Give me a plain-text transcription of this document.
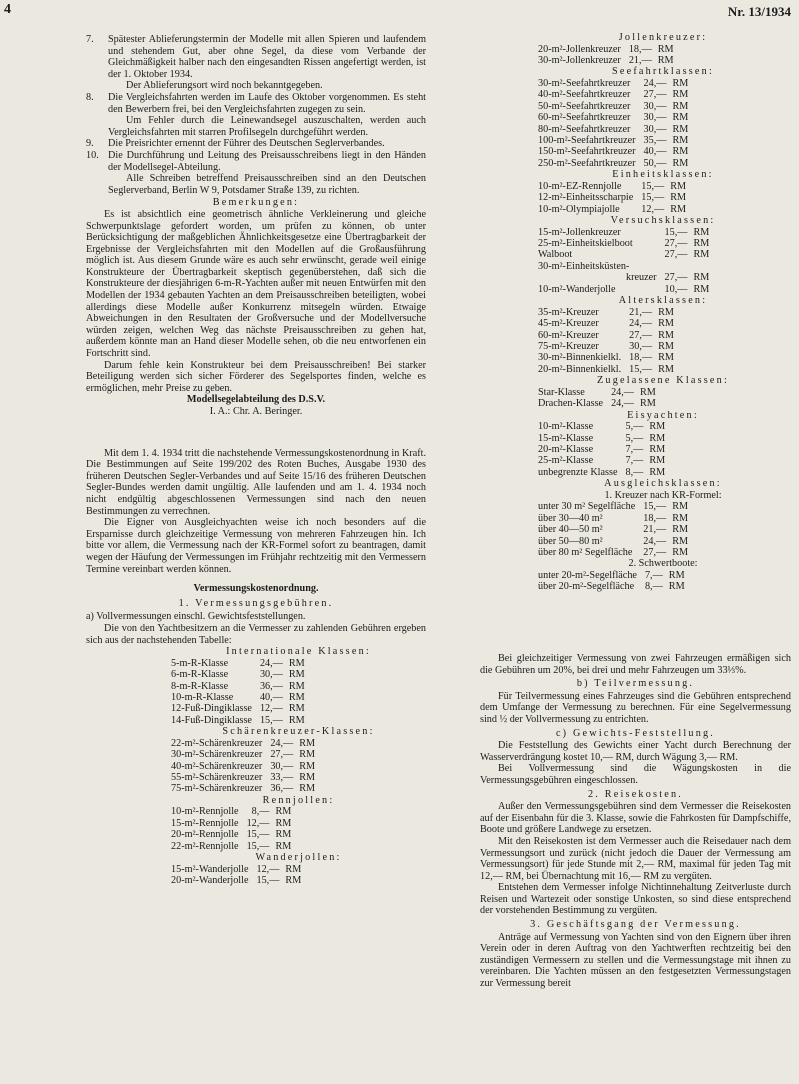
4	Nr. 13/1934
7.	Spätester Ablieferungstermin der Modelle mit allen Spieren und laufendem und stehendem Gut, aber ohne Segel, da diese vom Verbande der Gleichmäßigkeit halber nach den eingesandten Rissen angefertigt werden, ist der 1. Oktober 1934.
Der Ablieferungsort wird noch bekanntgegeben.
8.	Die Vergleichsfahrten werden im Laufe des Oktober vorgenommen. Es steht den Bewerbern frei, bei den Vergleichsfahrten zugegen zu sein.
Um Fehler durch die Leinewandsegel auszuschalten, werden auch Vergleichsfahrten mit starren Profilsegeln durchgeführt werden.
9.	Die Preisrichter ernennt der Führer des Deutschen Seglerverbandes.
10. Die Durchführung und Leitung des Preisausschreibens liegt in den Händen der Modellsegel-Abteilung.
Alle Schreiben betreffend Preisausschreiben sind an den Deutschen Seglerverband, Berlin W 9, Potsdamer Straße 139, zu richten.
Bemerkungen:

Es ist absichtlich eine geometrisch ähnliche Verkleinerung und gleiche Schwerpunktslage gefordert worden, um prüfen zu können, ob unter Berücksichtigung der maßgeblichen Ähnlichkeitsgesetze eine Übertragbarkeit der Ergebnisse der Vergleichsfahrten mit den Modellen auf die Großausführung möglich ist. Aus diesem Grunde wäre es auch sehr erwünscht, gerade weil einige Konstrukteure der Übertragbarkeit skeptisch gegenüberstehen, daß sich die Konstrukteure der diesjährigen 6-m-R-Yachten außer mit neuen Entwürfen mit den Modellen der 1934 gebauten Yachten an dem Preisausschreiben beteiligten, wobei allerdings diese Modelle außer Konkurrenz mitsegeln würden. Etwaige Abweichungen in den Resultaten der Großversuche und der Modellversuche würden zeigen, welchen Weg das nächste Preisausschreiben zu gehen hat, außerdem könnte man an Hand dieser Modelle sehen, ob die neu entworfenen ein Fortschritt sind.

Darum fehle kein Konstrukteur bei dem Preisausschreiben! Bei starker Beteiligung werden sich sicher Förderer des Segelsportes finden, welche es ermöglichen, mehr Preise zu geben.

Modellsegelabteilung des D.S.V.
I. A.: Chr. A. Beringer.

Mit dem 1. 4. 1934 tritt die nachstehende Vermessungskostenordnung in Kraft. Die Bestimmungen auf Seite 199/202 des Roten Buches, Ausgabe 1930 des früheren Deutschen Segler-Verbandes und auf Seite 15/16 des früheren Deutschen Segler-Bundes werden damit ungültig. Alle laufenden und am 1. 4. 1934 noch nicht endgültig abgeschlossenen Vermessungen sind nach den neuen Bestimmungen zu verrechnen.

Die Eigner von Ausgleichyachten weise ich noch besonders auf die Ersparnisse durch gleichzeitige Vermessung von mehreren Fahrzeugen hin. Ich bitte vor allem, die Vermessung nach der KR-Formel sofort zu beantragen, damit wegen der Häufung der Vermessungen im Frühjahr rechtzeitig mit den Vermessern Termine vereinbart werden können.

Vermessungskostenordnung.
1. Vermessungsgebühren.
a) Vollvermessungen einschl. Gewichtsfeststellungen.

Die von den Yachtbesitzern an die Vermesser zu zahlenden Gebühren ergeben sich aus der nachstehenden Tabelle:

Internationale Klassen:
5-m-R-Klasse	24,—	RM
6-m-R-Klasse	30,—	RM
8-m-R-Klasse	36,—	RM
10-m-R-Klasse	40,—	RM
12-Fuß-Dingiklasse	12,—	RM
14-Fuß-Dingiklasse	15,—	RM
Schärenkreuzer-Klassen:
22-m²-Schärenkreuzer	24,—	RM
30-m²-Schärenkreuzer	27,—	RM
40-m²-Schärenkreuzer	30,—	RM
55-m²-Schärenkreuzer	33,—	RM
75-m²-Schärenkreuzer	36,—	RM
Rennjollen:
10-m²-Rennjolle	8,—	RM
15-m²-Rennjolle	12,—	RM
20-m²-Rennjolle	15,—	RM
22-m²-Rennjolle	15,—	RM
Wanderjollen:
15-m²-Wanderjolle	12,—	RM
20-m²-Wanderjolle	15,—	RM
Jollenkreuzer:
20-m²-Jollenkreuzer	18,—	RM
30-m²-Jollenkreuzer	21,—	RM
Seefahrtklassen:
30-m²-Seefahrtkreuzer	24,—	RM
40-m²-Seefahrtkreuzer	27,—	RM
50-m²-Seefahrtkreuzer	30,—	RM
60-m²-Seefahrtkreuzer	30,—	RM
80-m²-Seefahrtkreuzer	30,—	RM
100-m²-Seefahrtkreuzer	35,—	RM
150-m²-Seefahrtkreuzer	40,—	RM
250-m²-Seefahrtkreuzer	50,—	RM
Einheitsklassen:
10-m²-EZ-Rennjolle	15,—	RM
12-m²-Einheitsscharpie	15,—	RM
10-m²-Olympiajolle	12,—	RM
Versuchsklassen:
15-m²-Jollenkreuzer	15,—	RM
25-m²-Einheitskielboot	27,—	RM
Walboot	27,—	RM
30-m²-Einheitsküsten-		
kreuzer	27,—	RM
10-m²-Wanderjolle	10,—	RM
Altersklassen:
35-m²-Kreuzer	21,—	RM
45-m²-Kreuzer	24,—	RM
60-m²-Kreuzer	27,—	RM
75-m²-Kreuzer	30,—	RM
30-m²-Binnenkielkl.	18,—	RM
20-m²-Binnenkielkl.	15,—	RM
Zugelassene Klassen:
Star-Klasse	24,—	RM
Drachen-Klasse	24,—	RM
Eisyachten:
10-m²-Klasse	5,—	RM
15-m²-Klasse	5,—	RM
20-m²-Klasse	7,—	RM
25-m²-Klasse	7,—	RM
unbegrenzte Klasse	8,—	RM
Ausgleichsklassen:
1. Kreuzer nach KR-Formel:
unter 30 m² Segelfläche	15,—	RM
über 30—40 m²	18,—	RM
über 40—50 m²	21,—	RM
über 50—80 m²	24,—	RM
über 80 m² Segelfläche	27,—	RM
2. Schwertboote:
unter 20-m²-Segelfläche	7,—	RM
über 20-m²-Segelfläche	8,—	RM

Bei gleichzeitiger Vermessung von zwei Fahrzeugen ermäßigen sich die Gebühren um 20%, bei drei und mehr Fahrzeugen um 33⅓%.

b) Teilvermessung.

Für Teilvermessung eines Fahrzeuges sind die Gebühren entsprechend dem Umfange der Vermessung zu berechnen. Für eine Segelvermessung sind ½ der Vollvermessung zu entrichten.

c) Gewichts-Feststellung.

Die Feststellung des Gewichts einer Yacht durch Berechnung der Wasserverdrängung kostet 10,— RM, durch Wägung 3,— RM.

Bei Vollvermessung sind die Wägungskosten in die Vermessungsgebühren eingeschlossen.

2. Reisekosten.

Außer den Vermessungsgebühren sind dem Vermesser die Reisekosten auf der Eisenbahn für die 3. Klasse, sowie die Fahrkosten für Dampfschiffe, Boote und größere Landwege zu ersetzen.

Mit den Reisekosten ist dem Vermesser auch die Reisedauer nach dem Vermessungsort und zurück (nicht jedoch die Dauer der Vermessung am Vermessungsort) für jede Stunde mit 2,— RM, maximal für jeden Tag mit 12,— RM, bei Übernachtung mit 16,— RM zu vergüten.

Entstehen dem Vermesser infolge Nichtinnehaltung Zeitverluste durch Reisen und Wartezeit oder sonstige Unkosten, so sind diese entsprechend der vorstehenden Bestimmung zu vergüten.

3. Geschäftsgang der Vermessung.

Anträge auf Vermessung von Yachten sind von den Eignern über ihren Verein oder in deren Auftrag von den Yachtwerften rechtzeitig bei den zuständigen Vermessern zu stellen und die Vermessungstage mit ihnen zu vereinbaren. Die Yachten müssen an den festgesetzten Vermessungstagen zur Vermessung bereit
